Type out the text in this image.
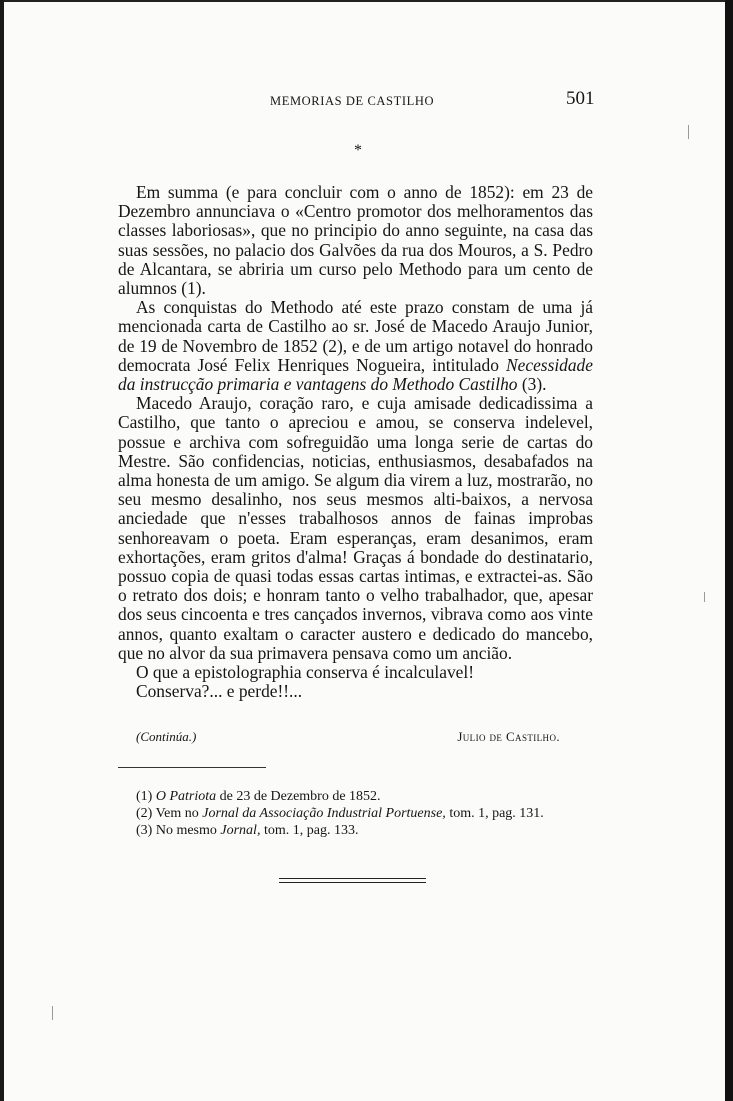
MEMORIAS DE CASTILHO	501
*

Em summa (e para concluir com o anno de 1852): em 23 de Dezembro annunciava o «Centro promotor dos melhoramentos das classes laboriosas», que no principio do anno seguinte, na casa das suas sessões, no palacio dos Galvões da rua dos Mouros, a S. Pedro de Alcantara, se abriria um curso pelo Methodo para um cento de alumnos (1).

As conquistas do Methodo até este prazo constam de uma já mencionada carta de Castilho ao sr. José de Macedo Araujo Junior, de 19 de Novembro de 1852 (2), e de um artigo notavel do honrado democrata José Felix Henriques Nogueira, intitulado Necessidade da instrucção primaria e vantagens do Methodo Castilho (3).

Macedo Araujo, coração raro, e cuja amisade dedicadissima a Castilho, que tanto o apreciou e amou, se conserva indelevel, possue e archiva com sofreguidão uma longa serie de cartas do Mestre. São confidencias, noticias, enthusiasmos, desabafados na alma honesta de um amigo. Se algum dia virem a luz, mostrarão, no seu mesmo desalinho, nos seus mesmos alti-baixos, a nervosa anciedade que n'esses trabalhosos annos de fainas improbas senhoreavam o poeta. Eram esperanças, eram desanimos, eram exhortações, eram gritos d'alma! Graças á bondade do destinatario, possuo copia de quasi todas essas cartas intimas, e extractei-as. São o retrato dos dois; e honram tanto o velho trabalhador, que, apesar dos seus cincoenta e tres cançados invernos, vibrava como aos vinte annos, quanto exaltam o caracter austero e dedicado do mancebo, que no alvor da sua primavera pensava como um ancião.

O que a epistolographia conserva é incalculavel!

Conserva?... e perde!!...

(Continúa.)	Julio de Castilho.
(1) O Patriota de 23 de Dezembro de 1852.
(2) Vem no Jornal da Associação Industrial Portuense, tom. 1, pag. 131.
(3) No mesmo Jornal, tom. 1, pag. 133.
